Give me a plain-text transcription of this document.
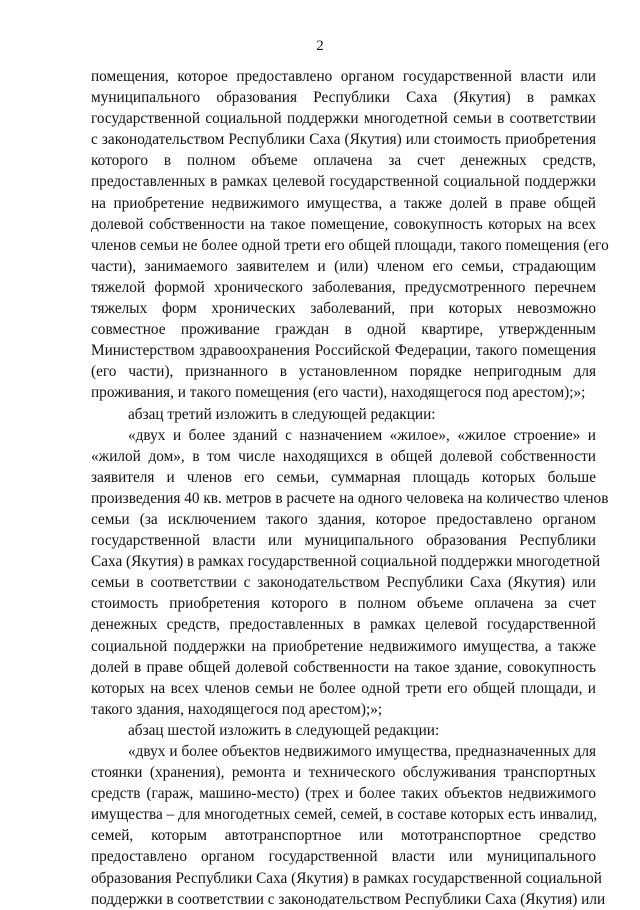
2
помещения, которое предоставлено органом государственной власти или
муниципального образования Республики Саха (Якутия) в рамках
государственной социальной поддержки многодетной семьи в соответствии
с законодательством Республики Саха (Якутия) или стоимость приобретения
которого в полном объеме оплачена за счет денежных средств,
предоставленных в рамках целевой государственной социальной поддержки
на приобретение недвижимого имущества, а также долей в праве общей
долевой собственности на такое помещение, совокупность которых на всех
членов семьи не более одной трети его общей площади, такого помещения (его
части), занимаемого заявителем и (или) членом его семьи, страдающим
тяжелой формой хронического заболевания, предусмотренного перечнем
тяжелых форм хронических заболеваний, при которых невозможно
совместное проживание граждан в одной квартире, утвержденным
Министерством здравоохранения Российской Федерации, такого помещения
(его части), признанного в установленном порядке непригодным для
проживания, и такого помещения (его части), находящегося под арестом);»;
абзац третий изложить в следующей редакции:
«двух и более зданий с назначением «жилое», «жилое строение» и
«жилой дом», в том числе находящихся в общей долевой собственности
заявителя и членов его семьи, суммарная площадь которых больше
произведения 40 кв. метров в расчете на одного человека на количество членов
семьи (за исключением такого здания, которое предоставлено органом
государственной власти или муниципального образования Республики
Саха (Якутия) в рамках государственной социальной поддержки многодетной
семьи в соответствии с законодательством Республики Саха (Якутия) или
стоимость приобретения которого в полном объеме оплачена за счет
денежных средств, предоставленных в рамках целевой государственной
социальной поддержки на приобретение недвижимого имущества, а также
долей в праве общей долевой собственности на такое здание, совокупность
которых на всех членов семьи не более одной трети его общей площади, и
такого здания, находящегося под арестом);»;
абзац шестой изложить в следующей редакции:
«двух и более объектов недвижимого имущества, предназначенных для
стоянки (хранения), ремонта и технического обслуживания транспортных
средств (гараж, машино-место) (трех и более таких объектов недвижимого
имущества – для многодетных семей, семей, в составе которых есть инвалид,
семей, которым автотранспортное или мототранспортное средство
предоставлено органом государственной власти или муниципального
образования Республики Саха (Якутия) в рамках государственной социальной
поддержки в соответствии с законодательством Республики Саха (Якутия) или
